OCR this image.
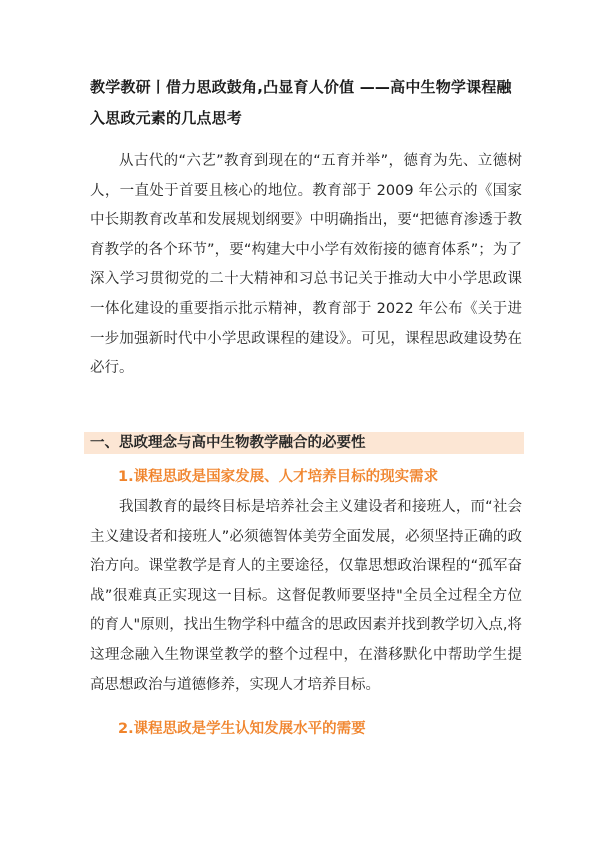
教学教研丨借力思政鼓角,凸显育人价值 ——高中生物学课程融入思政元素的几点思考
从古代的“六艺”教育到现在的“五育并举”，德育为先、立德树人，一直处于首要且核心的地位。教育部于 2009 年公示的《国家中长期教育改革和发展规划纲要》中明确指出，要“把德育渗透于教育教学的各个环节”，要“构建大中小学有效衔接的德育体系”；为了深入学习贯彻党的二十大精神和习总书记关于推动大中小学思政课一体化建设的重要指示批示精神，教育部于 2022 年公布《关于进一步加强新时代中小学思政课程的建设》。可见，课程思政建设势在必行。
一、思政理念与高中生物教学融合的必要性
1.课程思政是国家发展、人才培养目标的现实需求
我国教育的最终目标是培养社会主义建设者和接班人，而“社会主义建设者和接班人”必须德智体美劳全面发展，必须坚持正确的政治方向。课堂教学是育人的主要途径，仅靠思想政治课程的“孤军奋战”很难真正实现这一目标。这督促教师要坚持"全员全过程全方位的育人"原则，找出生物学科中蕴含的思政因素并找到教学切入点,将这理念融入生物课堂教学的整个过程中，在潜移默化中帮助学生提高思想政治与道德修养，实现人才培养目标。
2.课程思政是学生认知发展水平的需要
